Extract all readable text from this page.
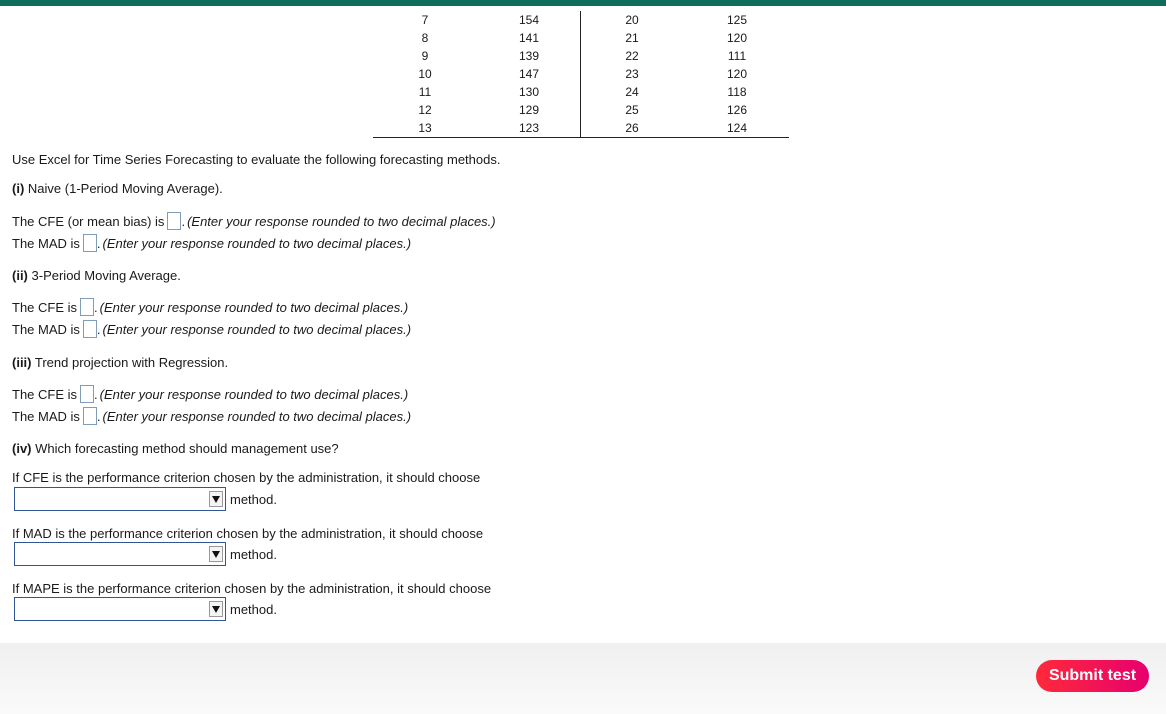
7	154	20	125
8	141	21	120
9	139	22	111
10	147	23	120
11	130	24	118
12	129	25	126
13	123	26	124
Use Excel for Time Series Forecasting to evaluate the following forecasting methods.
(i) Naive (1-Period Moving Average).
The CFE (or mean bias) is . (Enter your response rounded to two decimal places.)
The MAD is . (Enter your response rounded to two decimal places.)
(ii) 3-Period Moving Average.
The CFE is . (Enter your response rounded to two decimal places.)
The MAD is . (Enter your response rounded to two decimal places.)
(iii) Trend projection with Regression.
The CFE is . (Enter your response rounded to two decimal places.)
The MAD is . (Enter your response rounded to two decimal places.)
(iv) Which forecasting method should management use?
If CFE is the performance criterion chosen by the administration, it should choose
method.
If MAD is the performance criterion chosen by the administration, it should choose
method.
If MAPE is the performance criterion chosen by the administration, it should choose
method.
Submit test
